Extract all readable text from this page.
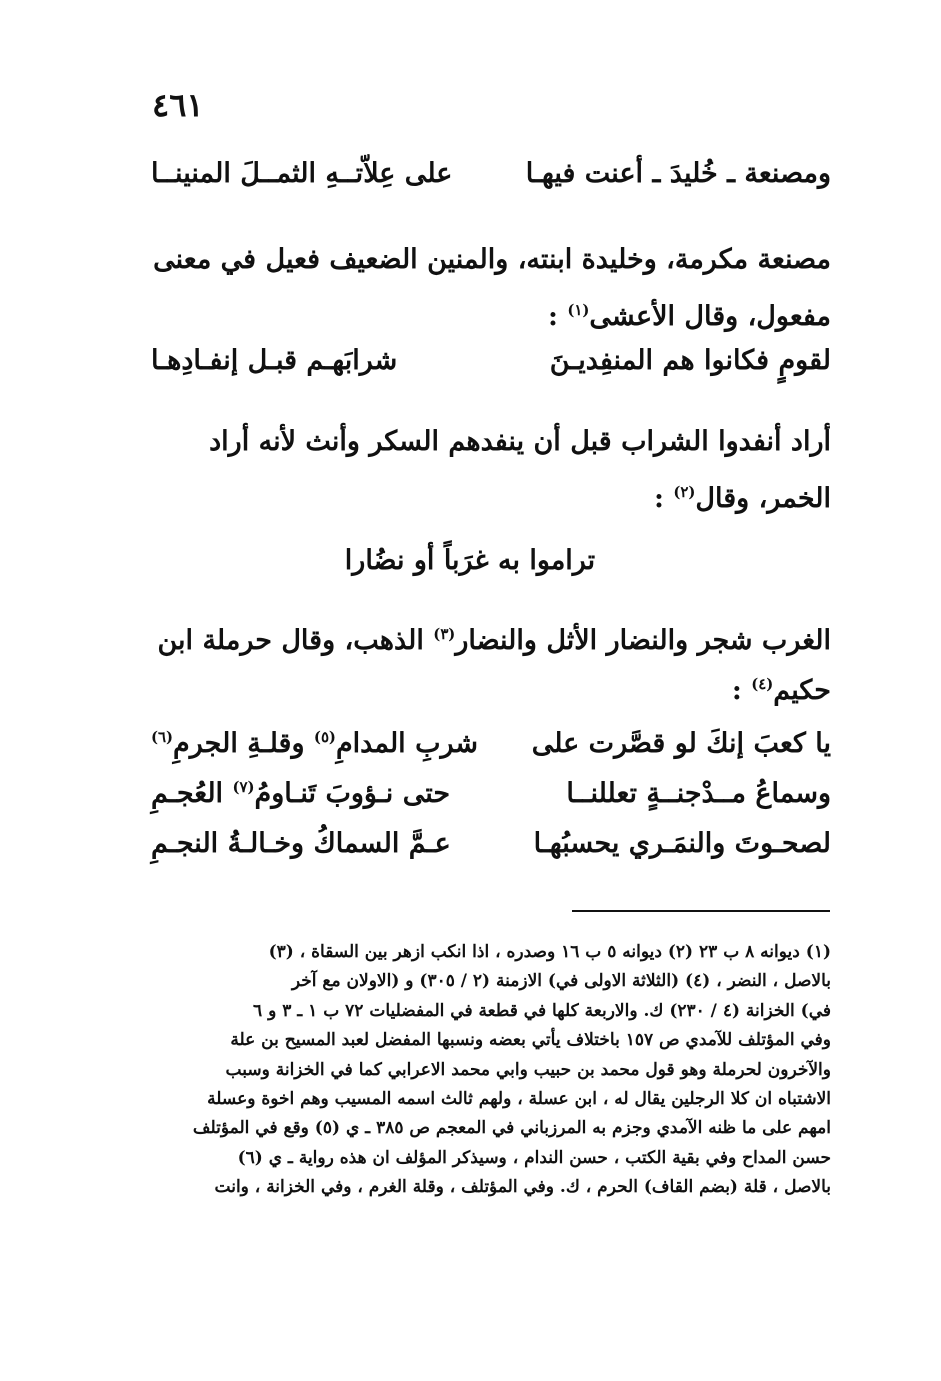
٤٦١
ومصنعة ـ خُليدَ ـ أعنت فيهـا
على عِلاّتــهِ الثمــلَ المنينــا
مصنعة مكرمة، وخليدة ابنته، والمنين الضعيف فعيل في معنى
مفعول، وقال الأعشى$^{(١)}$ :
لقومٍ فكانوا هم المنفِديـنَ
شرابَهـم قبـل إنفـادِهـا
أراد أنفدوا الشراب قبل أن ينفدهم السكر وأنث لأنه أراد
الخمر، وقال$^{(٢)}$ :
تراموا به غرَباً أو نضُارا
الغرب شجر والنضار الأثل والنضار$^{(٣)}$ الذهب، وقال حرملة ابن
حكيم$^{(٤)}$ :
يا كعبَ إنكَ لو قصَّرت على
شربِ المدامِ$^{(٥)}$ وقلـةِ الجرمِ$^{(٦)}$
وسماعُ مــدْجنــةٍ تعللنــا
حتى نـؤوبَ تَنـاومُ$^{(٧)}$ العُجـمِ
لصحـوتَ والنمَـري يحسبُهـا
عـمَّ السماكُ وخـالـةُ النجـمِ
(١) ديوانه ٨ ب ٢٣ (٢) ديوانه ٥ ب ١٦ وصدره ، اذا انكب ازهر بين السقاة ، (٣)
بالاصل ، النضر ، (٤) (الثلاثة الاولى في) الازمنة (٢ / ٣٠٥) و (الاولان مع آخر
في) الخزانة (٤ / ٢٣٠) ك. والاربعة كلها في قطعة في المفضليات ٧٢ ب ١ ـ ٣ و ٦
وفي المؤتلف للآمدي ص ١٥٧ باختلاف يأتي بعضه ونسبها المفضل لعبد المسيح بن علة
والآخرون لحرملة وهو قول محمد بن حبيب وابي محمد الاعرابي كما في الخزانة وسبب
الاشتباه ان كلا الرجلين يقال له ، ابن عسلة ، ولهم ثالث اسمه المسيب وهم اخوة وعسلة
امهم على ما ظنه الآمدي وجزم به المرزباني في المعجم ص ٣٨٥ ـ ي (٥) وقع في المؤتلف
حسن المداح وفي بقية الكتب ، حسن الندام ، وسيذكر المؤلف ان هذه رواية ـ ي (٦)
بالاصل ، قلة (بضم القاف) الحرم ، ك. وفي المؤتلف ، وقلة الغرم ، وفي الخزانة ، وانت
